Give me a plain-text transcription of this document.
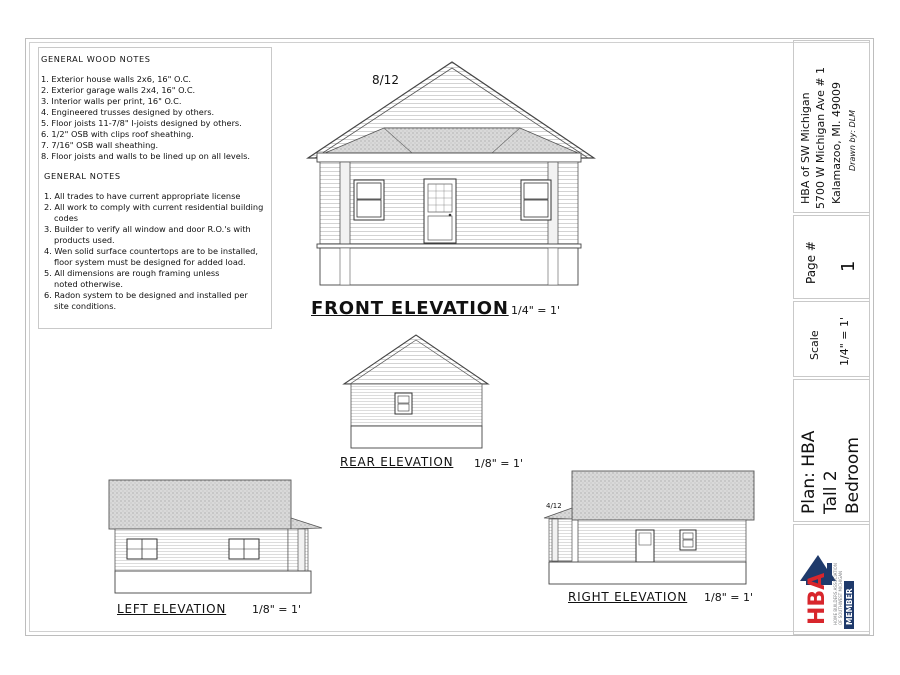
GENERAL WOOD NOTES
1. Exterior house walls 2x6, 16" O.C.
2. Exterior garage walls 2x4, 16" O.C.
3. Interior walls per print, 16" O.C.
4. Engineered trusses designed by others.
5. Floor joists 11-7/8" I-joists designed by others.
6. 1/2" OSB with clips roof sheathing.
7. 7/16" OSB wall sheathing.
8. Floor joists and walls to be lined up on all levels.
GENERAL NOTES
1. All trades to have current appropriate license
2. All work to comply with current residential building
codes
3. Builder to verify all window and door R.O.'s with
products used.
4. Wen solid surface countertops are to be installed,
floor system must be designed for added load.
5. All dimensions are rough framing unless
noted otherwise.
6. Radon system to be designed and installed per
site conditions.
8/12
FRONT ELEVATION 1/4" = 1'
REAR ELEVATION 1/8" = 1'
LEFT ELEVATION 1/8" = 1'
4/12
RIGHT ELEVATION 1/8" = 1'
HBA of SW Michigan 5700 W Michigan Ave # 1 Kalamazoo, MI. 49009 Drawn by: DLM
Page # 1
Scale 1/4" = 1'
Plan: HBA Tall 2 Bedroom
HBA HOME BUILDERS ASSOCIATION OF SOUTHWEST MICHIGAN MEMBER
